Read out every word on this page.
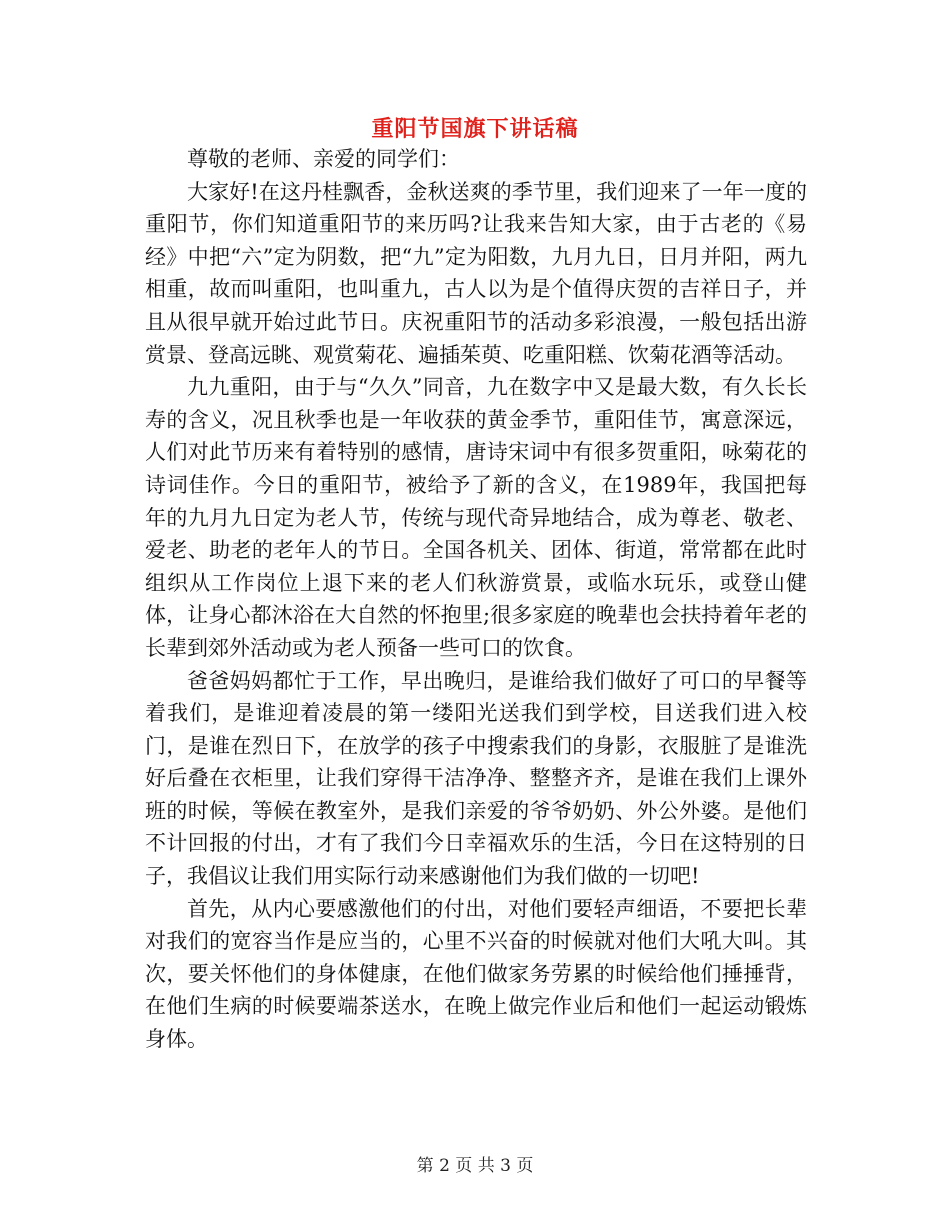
重阳节国旗下讲话稿

尊敬的老师、亲爱的同学们：

大家好!在这丹桂飘香，金秋送爽的季节里，我们迎来了一年一度的重阳节，你们知道重阳节的来历吗?让我来告知大家，由于古老的《易经》中把“六”定为阴数，把“九”定为阳数，九月九日，日月并阳，两九相重，故而叫重阳，也叫重九，古人以为是个值得庆贺的吉祥日子，并且从很早就开始过此节日。庆祝重阳节的活动多彩浪漫，一般包括出游赏景、登高远眺、观赏菊花、遍插茱萸、吃重阳糕、饮菊花酒等活动。

九九重阳，由于与“久久”同音，九在数字中又是最大数，有久长长寿的含义，况且秋季也是一年收获的黄金季节，重阳佳节，寓意深远，人们对此节历来有着特别的感情，唐诗宋词中有很多贺重阳，咏菊花的诗词佳作。今日的重阳节，被给予了新的含义，在1989年，我国把每年的九月九日定为老人节，传统与现代奇异地结合，成为尊老、敬老、爱老、助老的老年人的节日。全国各机关、团体、街道，常常都在此时组织从工作岗位上退下来的老人们秋游赏景，或临水玩乐，或登山健体，让身心都沐浴在大自然的怀抱里;很多家庭的晚辈也会扶持着年老的长辈到郊外活动或为老人预备一些可口的饮食。

爸爸妈妈都忙于工作，早出晚归，是谁给我们做好了可口的早餐等着我们，是谁迎着凌晨的第一缕阳光送我们到学校，目送我们进入校门，是谁在烈日下，在放学的孩子中搜索我们的身影，衣服脏了是谁洗好后叠在衣柜里，让我们穿得干洁净净、整整齐齐，是谁在我们上课外班的时候，等候在教室外，是我们亲爱的爷爷奶奶、外公外婆。是他们不计回报的付出，才有了我们今日幸福欢乐的生活，今日在这特别的日子，我倡议让我们用实际行动来感谢他们为我们做的一切吧!

首先，从内心要感激他们的付出，对他们要轻声细语，不要把长辈对我们的宽容当作是应当的，心里不兴奋的时候就对他们大吼大叫。其次，要关怀他们的身体健康，在他们做家务劳累的时候给他们捶捶背，在他们生病的时候要端茶送水，在晚上做完作业后和他们一起运动锻炼身体。

第 2 页 共 3 页
